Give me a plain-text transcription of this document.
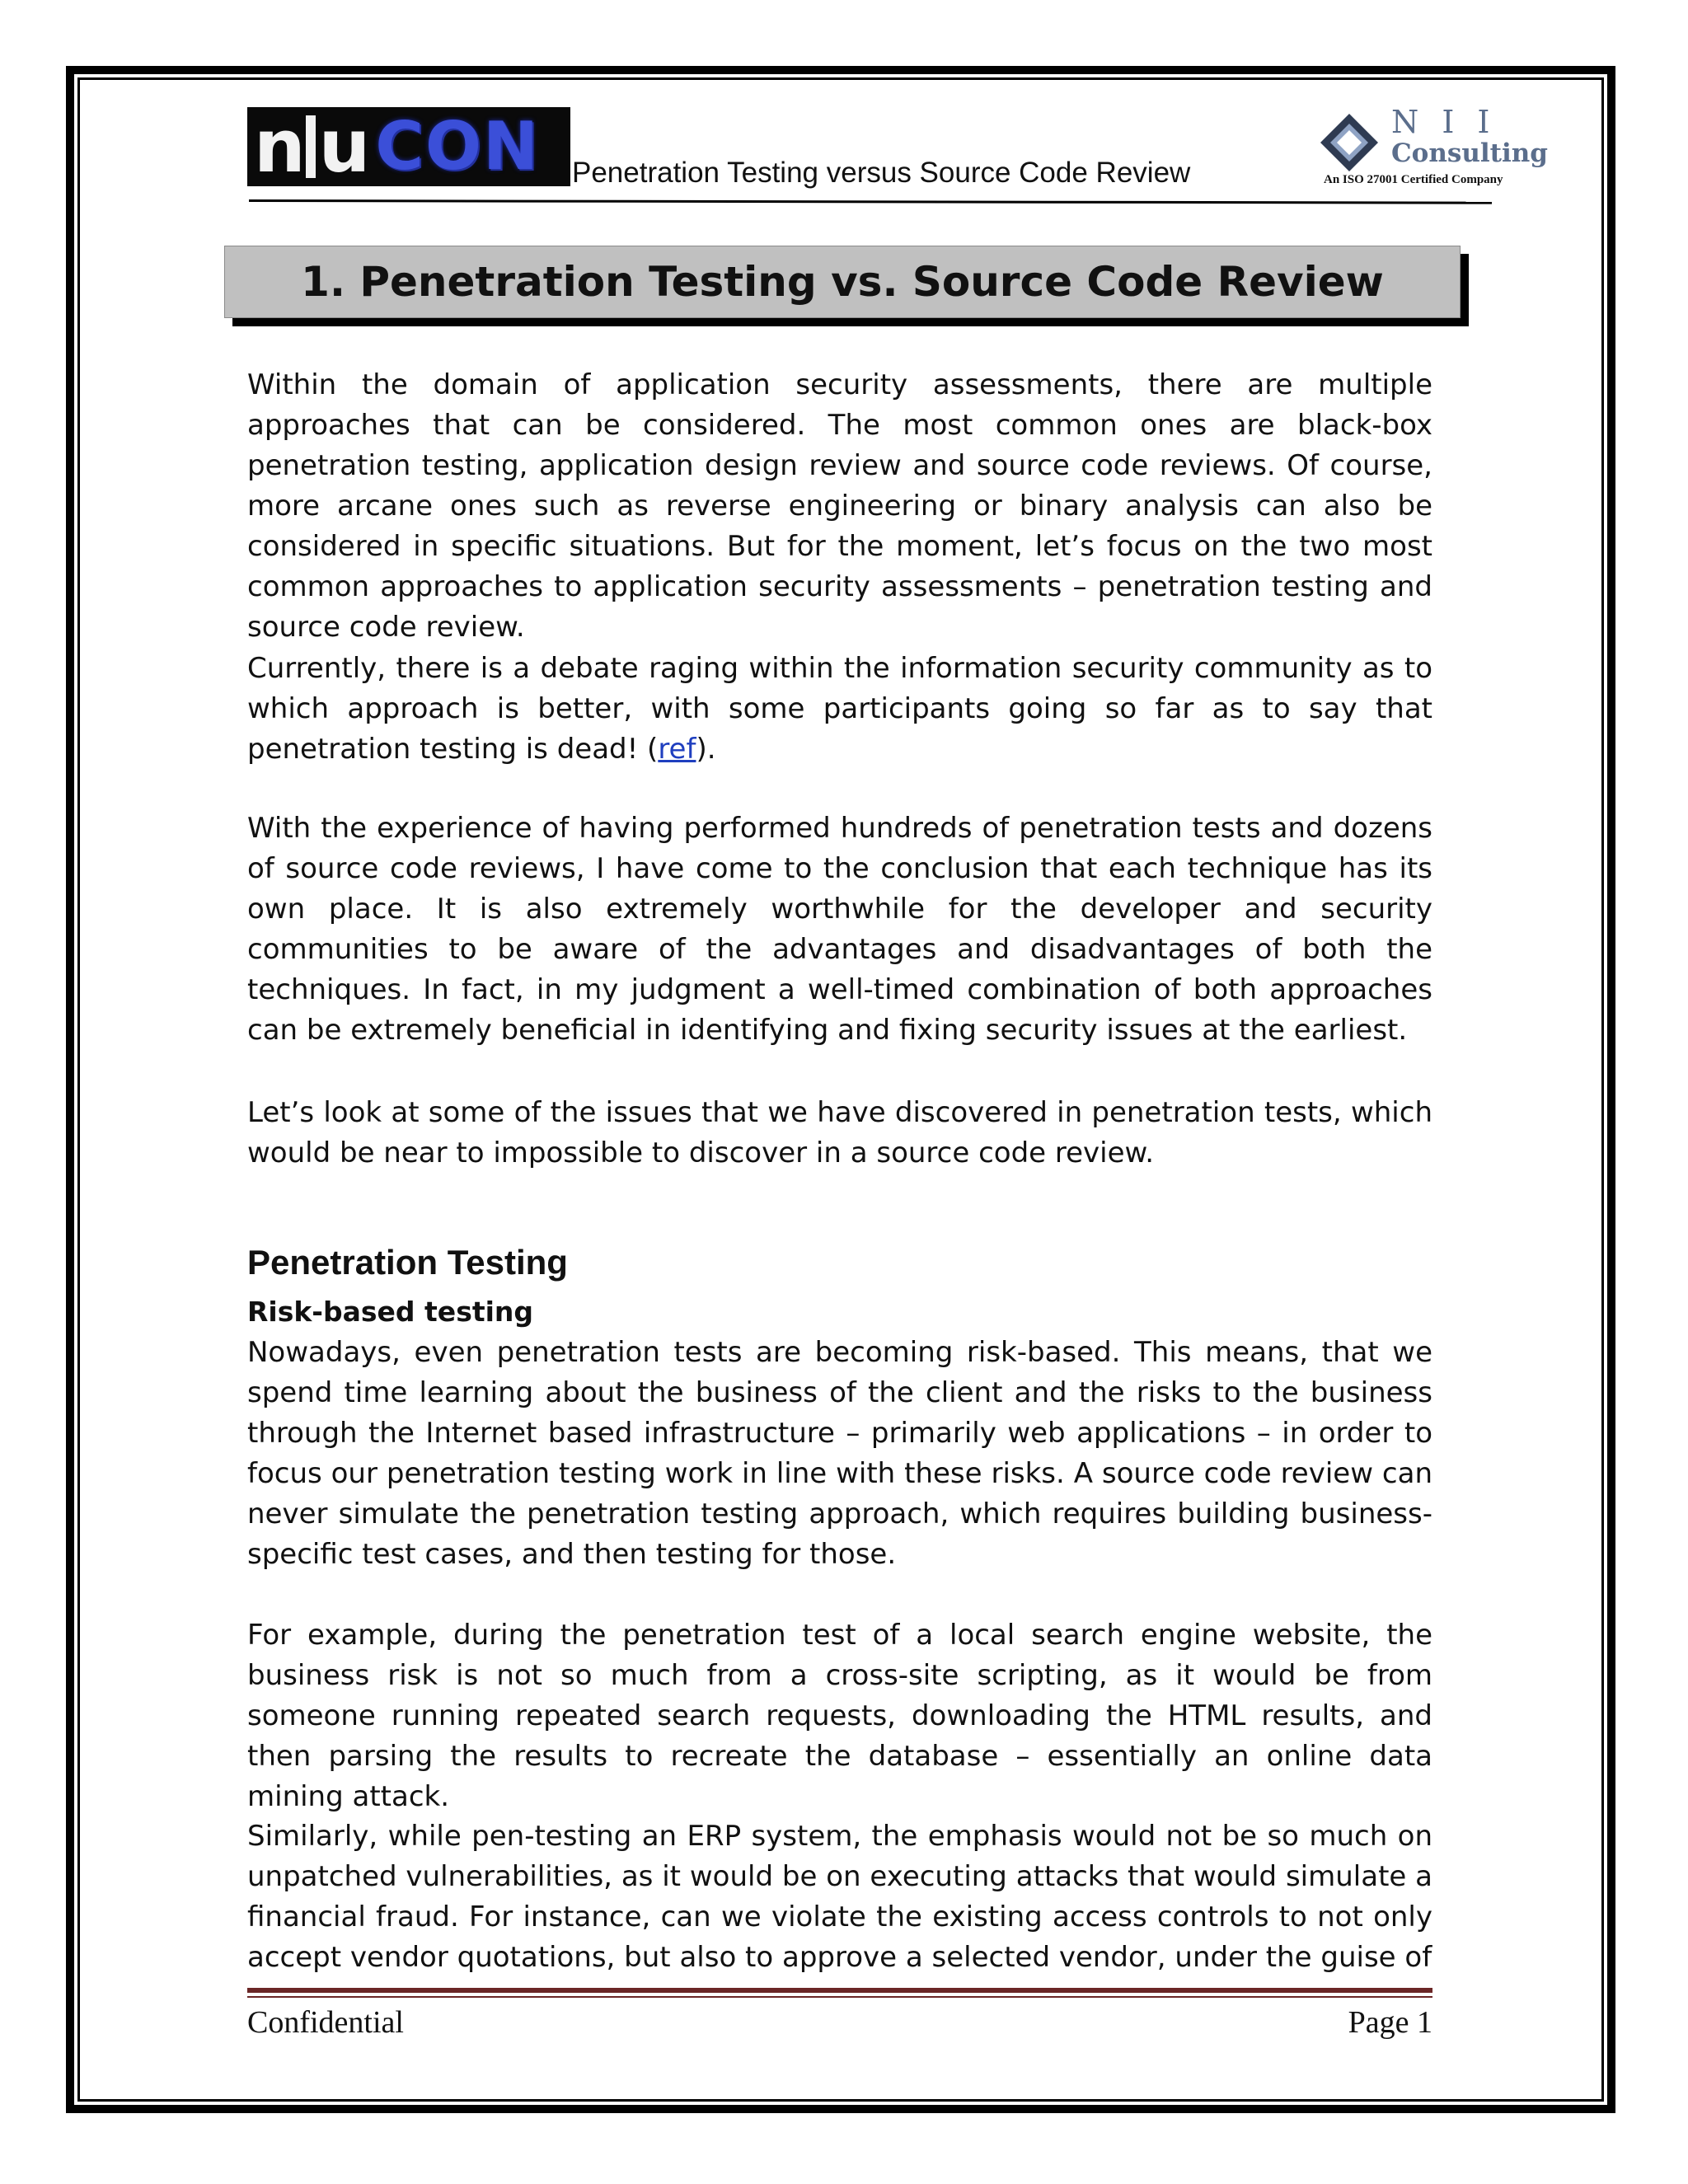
n u CON Penetration Testing versus Source Code Review
N I I
Consulting
An ISO 27001 Certified Company
1. Penetration Testing vs. Source Code Review

Within the domain of application security assessments, there are multiple approaches that can be considered. The most common ones are black-box penetration testing, application design review and source code reviews. Of course, more arcane ones such as reverse engineering or binary analysis can also be considered in specific situations. But for the moment, let’s focus on the two most common approaches to application security assessments – penetration testing and source code review.

Currently, there is a debate raging within the information security community as to which approach is better, with some participants going so far as to say that penetration testing is dead! (ref).

With the experience of having performed hundreds of penetration tests and dozens of source code reviews, I have come to the conclusion that each technique has its own place. It is also extremely worthwhile for the developer and security communities to be aware of the advantages and disadvantages of both the techniques. In fact, in my judgment a well-timed combination of both approaches can be extremely beneficial in identifying and fixing security issues at the earliest.

Let’s look at some of the issues that we have discovered in penetration tests, which would be near to impossible to discover in a source code review.

Penetration Testing
Risk-based testing

Nowadays, even penetration tests are becoming risk-based. This means, that we spend time learning about the business of the client and the risks to the business through the Internet based infrastructure – primarily web applications – in order to focus our penetration testing work in line with these risks. A source code review can never simulate the penetration testing approach, which requires building business-specific test cases, and then testing for those.

For example, during the penetration test of a local search engine website, the business risk is not so much from a cross-site scripting, as it would be from someone running repeated search requests, downloading the HTML results, and then parsing the results to recreate the database – essentially an online data mining attack.

Similarly, while pen-testing an ERP system, the emphasis would not be so much on unpatched vulnerabilities, as it would be on executing attacks that would simulate a financial fraud. For instance, can we violate the existing access controls to not only accept vendor quotations, but also to approve a selected vendor, under the guise of

Confidential	Page 1
